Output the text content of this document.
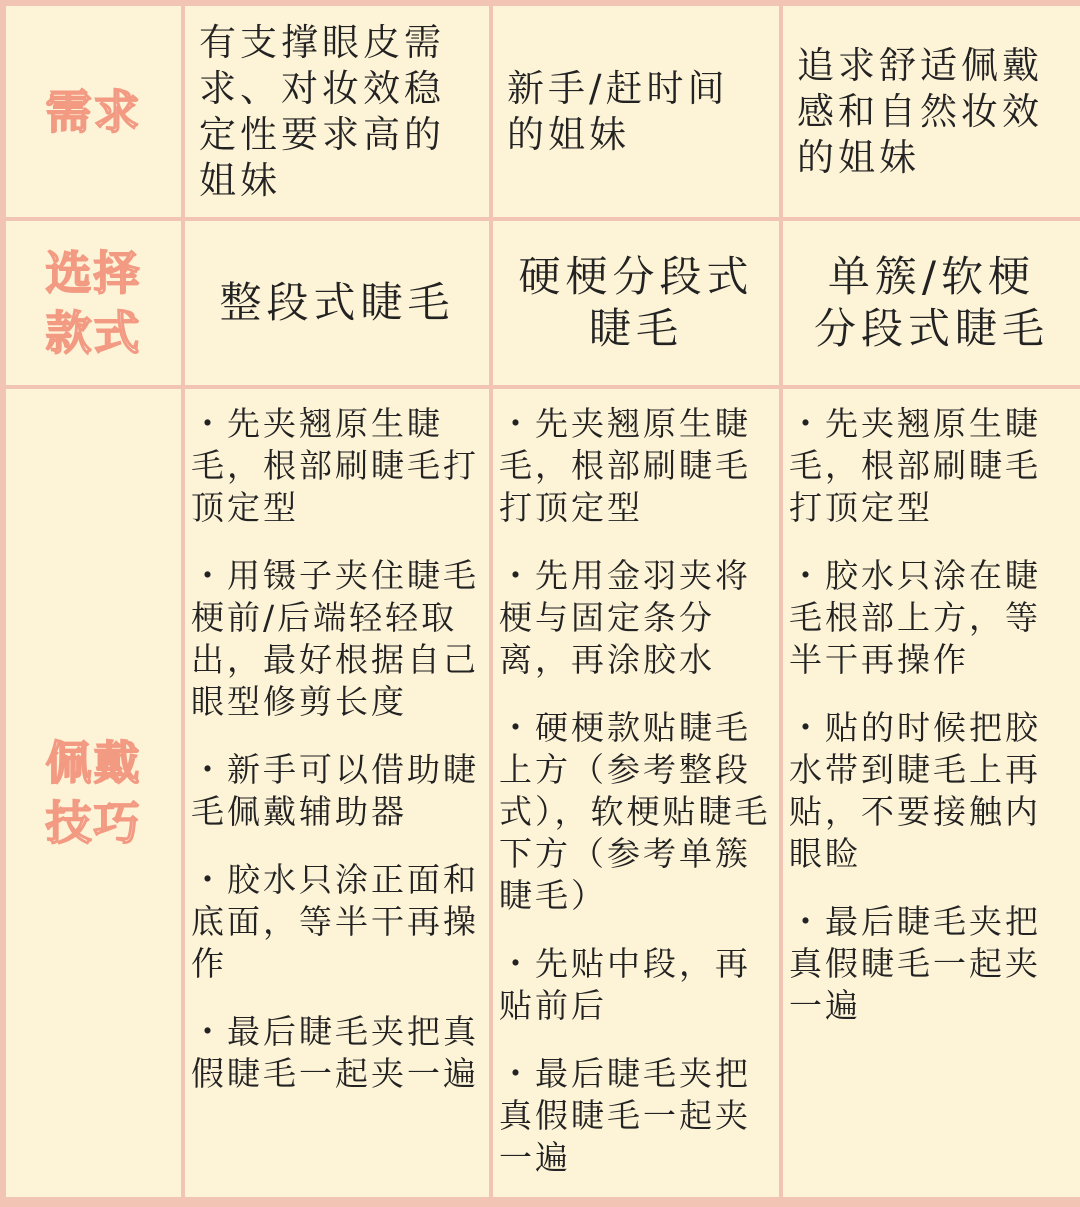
需求
有支撑眼皮需求、对妆效稳定性要求高的姐妹
新手/赶时间的姐妹
追求舒适佩戴感和自然妆效的姐妹
选择
款式
整段式睫毛
硬梗分段式
睫毛
单簇/软梗
分段式睫毛
佩戴
技巧

・先夹翘原生睫毛，根部刷睫毛打顶定型

・用镊子夹住睫毛梗前/后端轻轻取出，最好根据自己眼型修剪长度

・新手可以借助睫毛佩戴辅助器

・胶水只涂正面和底面，等半干再操作

・最后睫毛夹把真假睫毛一起夹一遍

・先夹翘原生睫毛，根部刷睫毛打顶定型

・先用金羽夹将梗与固定条分离，再涂胶水

・硬梗款贴睫毛上方（参考整段式），软梗贴睫毛下方（参考单簇睫毛）

・先贴中段，再贴前后

・最后睫毛夹把真假睫毛一起夹一遍

・先夹翘原生睫毛，根部刷睫毛打顶定型

・胶水只涂在睫毛根部上方，等半干再操作

・贴的时候把胶水带到睫毛上再贴，不要接触内眼睑

・最后睫毛夹把真假睫毛一起夹一遍
